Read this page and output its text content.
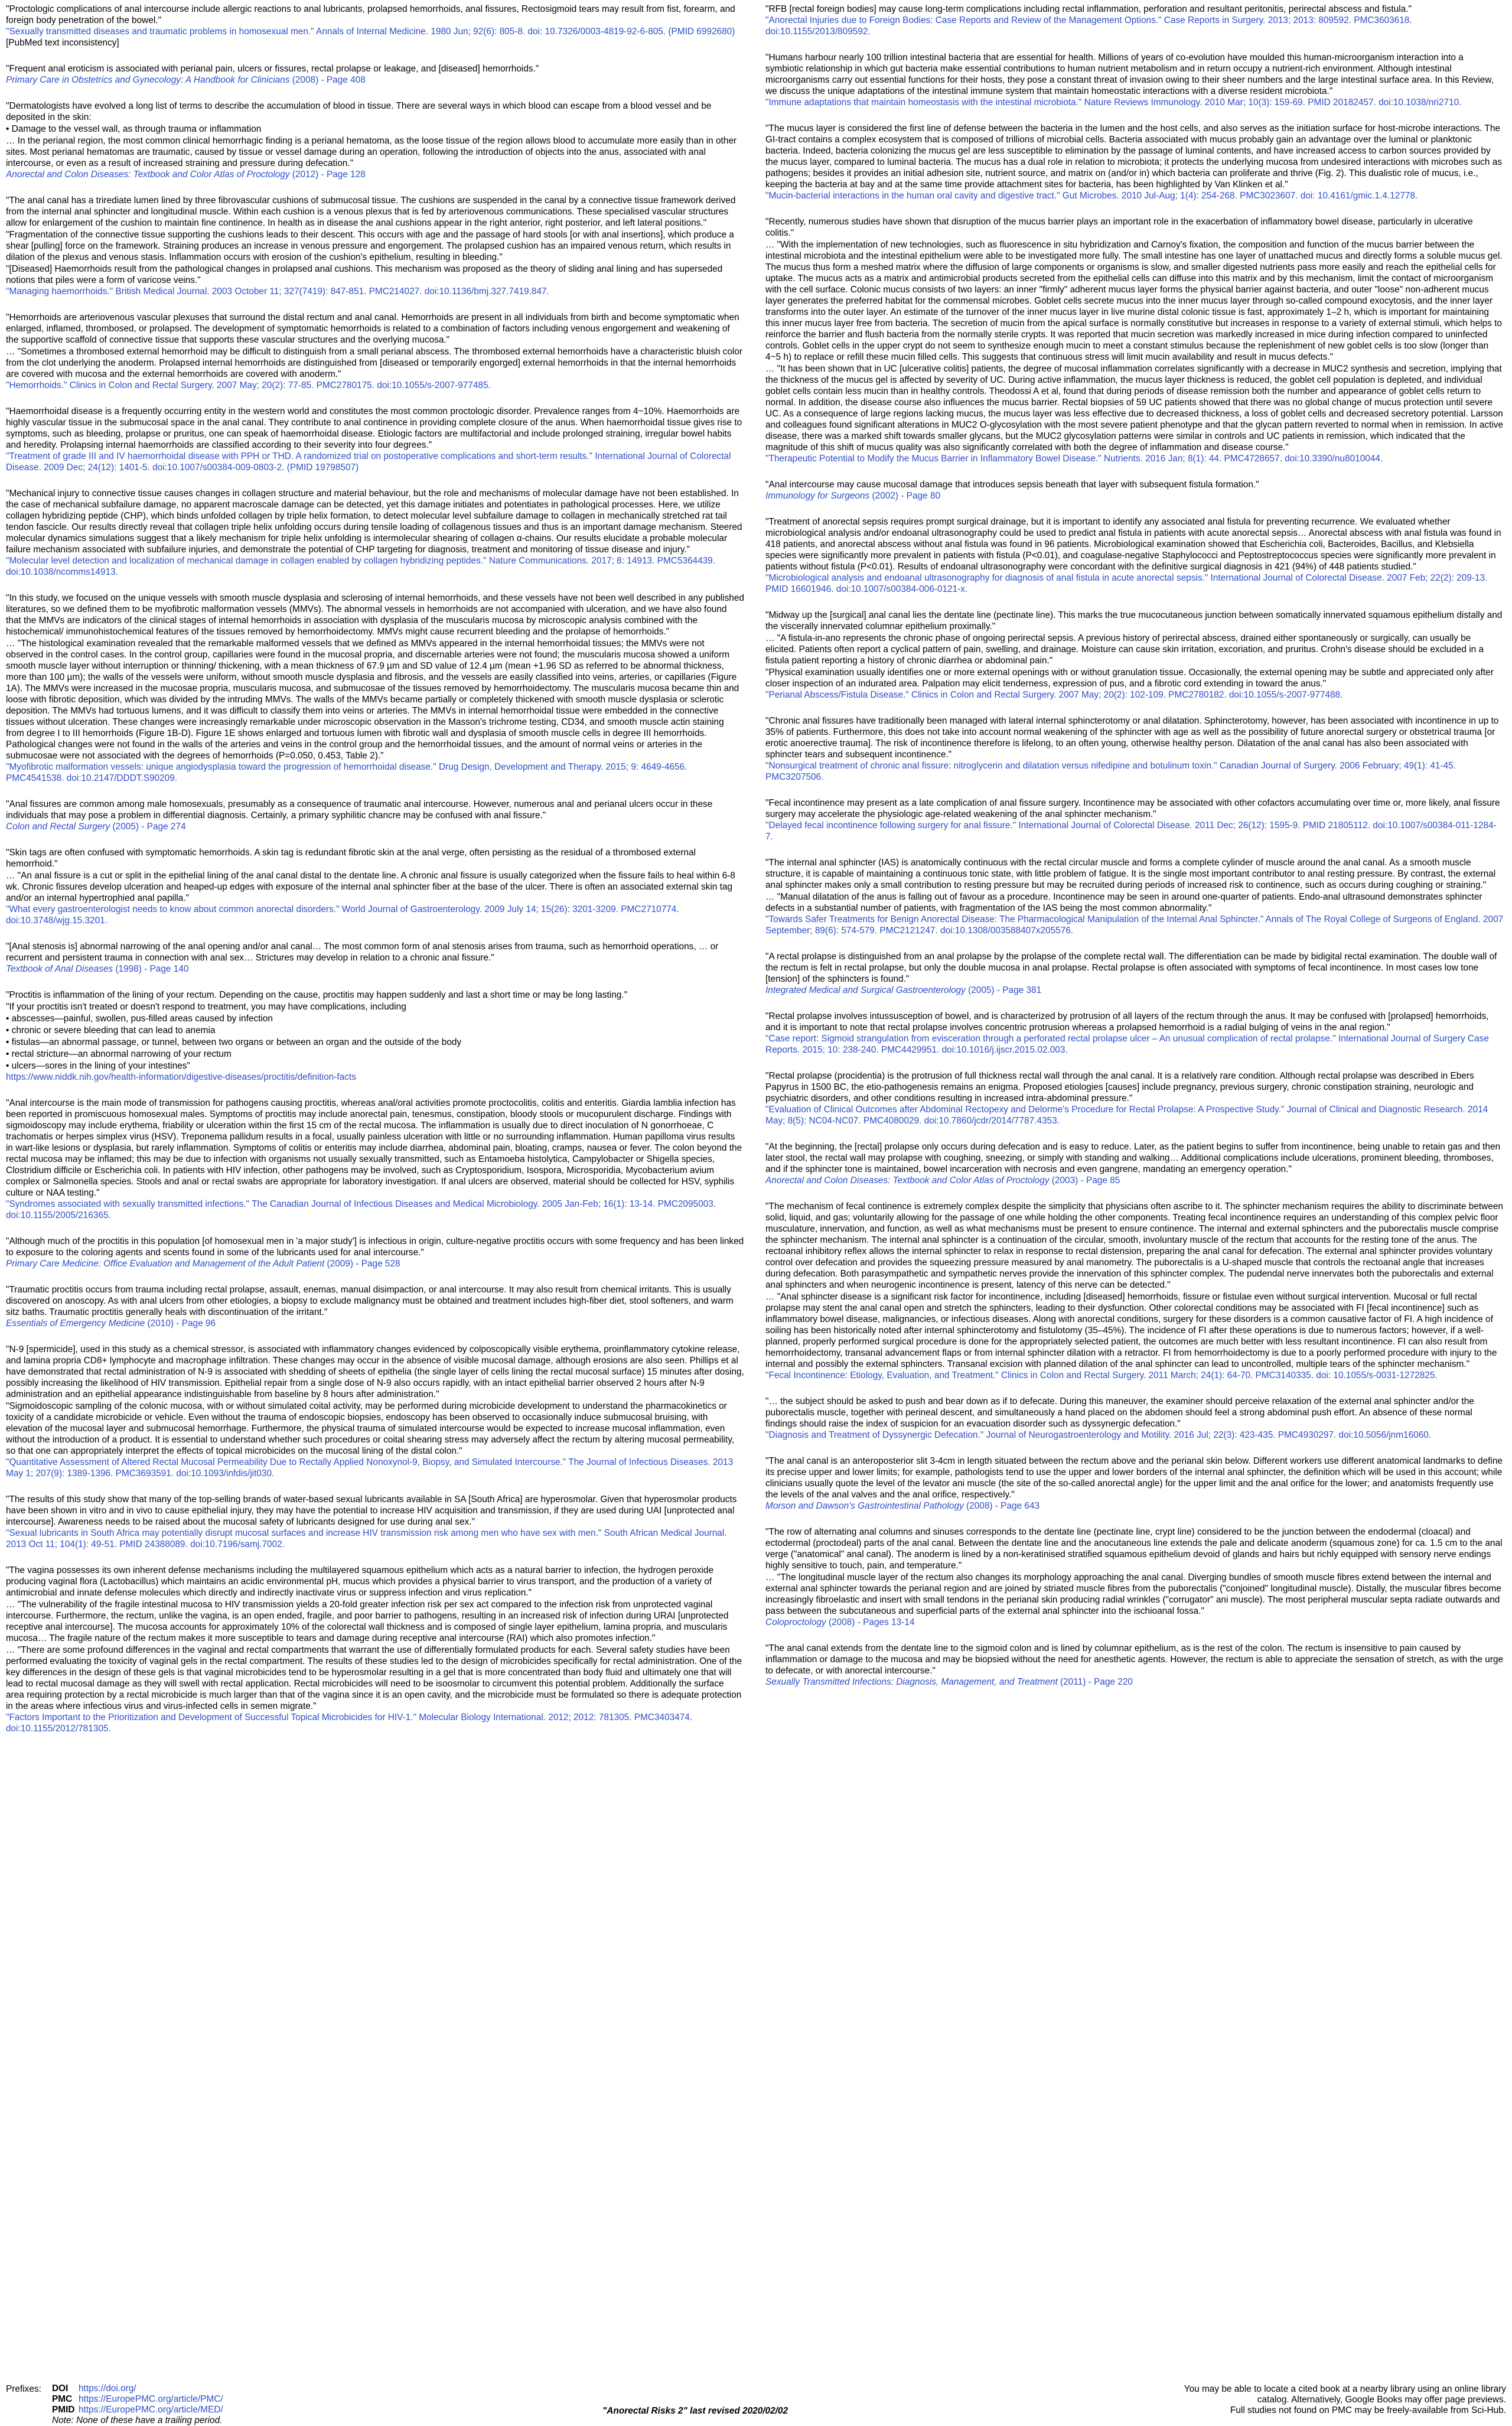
"Proctologic complications of anal intercourse include allergic reactions to anal lubricants, prolapsed hemorrhoids, anal fissures, Rectosigmoid tears may result from fist, forearm, and foreign body penetration of the bowel."
"Sexually transmitted diseases and traumatic problems in homosexual men." Annals of Internal Medicine. 1980 Jun; 92(6): 805-8. doi: 10.7326/0003-4819-92-6-805. (PMID 6992680) [PubMed text inconsistency]
"Frequent anal eroticism is associated with perianal pain, ulcers or fissures, rectal prolapse or leakage, and [diseased] hemorrhoids."
Primary Care in Obstetrics and Gynecology: A Handbook for Clinicians (2008) - Page 408
"Dermatologists have evolved a long list of terms to describe the accumulation of blood in tissue. There are several ways in which blood can escape from a blood vessel and be deposited in the skin:
• Damage to the vessel wall, as through trauma or inflammation
… In the perianal region, the most common clinical hemorrhagic finding is a perianal hematoma, as the loose tissue of the region allows blood to accumulate more easily than in other sites. Most perianal hematomas are traumatic, caused by tissue or vessel damage during an operation, following the introduction of objects into the anus, associated with anal intercourse, or even as a result of increased straining and pressure during defecation."
Anorectal and Colon Diseases: Textbook and Color Atlas of Proctology (2012) - Page 128
"The anal canal has a trirediate lumen lined by three fibrovascular cushions of submucosal tissue. The cushions are suspended in the canal by a connective tissue framework derived from the internal anal sphincter and longitudinal muscle. Within each cushion is a venous plexus that is fed by arteriovenous communications. These specialised vascular structures allow for enlargement of the cushion to maintain fine continence. In health as in disease the anal cushions appear in the right anterior, right posterior, and left lateral positions."
"Fragmentation of the connective tissue supporting the cushions leads to their descent. This occurs with age and the passage of hard stools [or with anal insertions], which produce a shear [pulling] force on the framework. Straining produces an increase in venous pressure and engorgement. The prolapsed cushion has an impaired venous return, which results in dilation of the plexus and venous stasis. Inflammation occurs with erosion of the cushion's epithelium, resulting in bleeding."
"[Diseased] Haemorrhoids result from the pathological changes in prolapsed anal cushions. This mechanism was proposed as the theory of sliding anal lining and has superseded notions that piles were a form of varicose veins."
"Managing haemorrhoids." British Medical Journal. 2003 October 11; 327(7419): 847-851. PMC214027. doi:10.1136/bmj.327.7419.847.
"Hemorrhoids are arteriovenous vascular plexuses that surround the distal rectum and anal canal. Hemorrhoids are present in all individuals from birth and become symptomatic when enlarged, inflamed, thrombosed, or prolapsed. The development of symptomatic hemorrhoids is related to a combination of factors including venous engorgement and weakening of the supportive scaffold of connective tissue that supports these vascular structures and the overlying mucosa."
… "Sometimes a thrombosed external hemorrhoid may be difficult to distinguish from a small perianal abscess. The thrombosed external hemorrhoids have a characteristic bluish color from the clot underlying the anoderm. Prolapsed internal hemorrhoids are distinguished from [diseased or temporarily engorged] external hemorrhoids in that the internal hemorrhoids are covered with mucosa and the external hemorrhoids are covered with anoderm."
"Hemorrhoids." Clinics in Colon and Rectal Surgery. 2007 May; 20(2): 77-85. PMC2780175. doi:10.1055/s-2007-977485.
"Haemorrhoidal disease is a frequently occurring entity in the western world and constitutes the most common proctologic disorder. Prevalence ranges from 4~10%. Haemorrhoids are highly vascular tissue in the submucosal space in the anal canal. They contribute to anal continence in providing complete closure of the anus. When haemorrhoidal tissue gives rise to symptoms, such as bleeding, prolapse or pruritus, one can speak of haemorrhoidal disease. Etiologic factors are multifactorial and include prolonged straining, irregular bowel habits and heredity. Prolapsing internal haemorrhoids are classified according to their severity into four degrees."
"Treatment of grade III and IV haemorrhoidal disease with PPH or THD. A randomized trial on postoperative complications and short-term results." International Journal of Colorectal Disease. 2009 Dec; 24(12): 1401-5. doi:10.1007/s00384-009-0803-2. (PMID 19798507)
"Mechanical injury to connective tissue causes changes in collagen structure and material behaviour, but the role and mechanisms of molecular damage have not been established. In the case of mechanical subfailure damage, no apparent macroscale damage can be detected, yet this damage initiates and potentiates in pathological processes. Here, we utilize collagen hybridizing peptide (CHP), which binds unfolded collagen by triple helix formation, to detect molecular level subfailure damage to collagen in mechanically stretched rat tail tendon fascicle. Our results directly reveal that collagen triple helix unfolding occurs during tensile loading of collagenous tissues and thus is an important damage mechanism. Steered molecular dynamics simulations suggest that a likely mechanism for triple helix unfolding is intermolecular shearing of collagen α-chains. Our results elucidate a probable molecular failure mechanism associated with subfailure injuries, and demonstrate the potential of CHP targeting for diagnosis, treatment and monitoring of tissue disease and injury."
"Molecular level detection and localization of mechanical damage in collagen enabled by collagen hybridizing peptides." Nature Communications. 2017; 8: 14913. PMC5364439. doi:10.1038/ncomms14913.
"In this study, we focused on the unique vessels with smooth muscle dysplasia and sclerosing of internal hemorrhoids, and these vessels have not been well described in any published literatures, so we defined them to be myofibrotic malformation vessels (MMVs). The abnormal vessels in hemorrhoids are not accompanied with ulceration, and we have also found that the MMVs are indicators of the clinical stages of internal hemorrhoids in association with dysplasia of the muscularis mucosa by microscopic analysis combined with the histochemical/ immunohistochemical features of the tissues removed by hemorrhoidectomy. MMVs might cause recurrent bleeding and the prolapse of hemorrhoids."
… "The histological examination revealed that the remarkable malformed vessels that we defined as MMVs appeared in the internal hemorrhoidal tissues; the MMVs were not observed in the control cases. In the control group, capillaries were found in the mucosal propria, and discernable arteries were not found; the muscularis mucosa showed a uniform smooth muscle layer without interruption or thinning/ thickening, with a mean thickness of 67.9 µm and SD value of 12.4 µm (mean +1.96 SD as referred to be abnormal thickness, more than 100 µm); the walls of the vessels were uniform, without smooth muscle dysplasia and fibrosis, and the vessels are easily classified into veins, arteries, or capillaries (Figure 1A). The MMVs were increased in the mucosae propria, muscularis mucosa, and submucosae of the tissues removed by hemorrhoidectomy. The muscularis mucosa became thin and loose with fibrotic deposition, which was divided by the intruding MMVs. The walls of the MMVs became partially or completely thickened with smooth muscle dysplasia or sclerotic deposition. The MMVs had tortuous lumens, and it was difficult to classify them into veins or arteries. The MMVs in internal hemorrhoidal tissue were embedded in the connective tissues without ulceration. These changes were increasingly remarkable under microscopic observation in the Masson's trichrome testing, CD34, and smooth muscle actin staining from degree I to III hemorrhoids (Figure 1B-D). Figure 1E shows enlarged and tortuous lumen with fibrotic wall and dysplasia of smooth muscle cells in degree III hemorrhoids. Pathological changes were not found in the walls of the arteries and veins in the control group and the hemorrhoidal tissues, and the amount of normal veins or arteries in the submucosae were not associated with the degrees of hemorrhoids (P=0.050, 0.453, Table 2)."
"Myofibrotic malformation vessels: unique angiodysplasia toward the progression of hemorrhoidal disease." Drug Design, Development and Therapy. 2015; 9: 4649-4656. PMC4541538. doi:10.2147/DDDT.S90209.
"Anal fissures are common among male homosexuals, presumably as a consequence of traumatic anal intercourse. However, numerous anal and perianal ulcers occur in these individuals that may pose a problem in differential diagnosis. Certainly, a primary syphilitic chancre may be confused with anal fissure."
Colon and Rectal Surgery (2005) - Page 274
"Skin tags are often confused with symptomatic hemorrhoids. A skin tag is redundant fibrotic skin at the anal verge, often persisting as the residual of a thrombosed external hemorrhoid."
… "An anal fissure is a cut or split in the epithelial lining of the anal canal distal to the dentate line. A chronic anal fissure is usually categorized when the fissure fails to heal within 6-8 wk. Chronic fissures develop ulceration and heaped-up edges with exposure of the internal anal sphincter fiber at the base of the ulcer. There is often an associated external skin tag and/or an internal hypertrophied anal papilla."
"What every gastroenterologist needs to know about common anorectal disorders." World Journal of Gastroenterology. 2009 July 14; 15(26): 3201-3209. PMC2710774. doi:10.3748/wjg.15.3201.
"[Anal stenosis is] abnormal narrowing of the anal opening and/or anal canal… The most common form of anal stenosis arises from trauma, such as hemorrhoid operations, … or recurrent and persistent trauma in connection with anal sex… Strictures may develop in relation to a chronic anal fissure."
Textbook of Anal Diseases (1998) - Page 140
"Proctitis is inflammation of the lining of your rectum. Depending on the cause, proctitis may happen suddenly and last a short time or may be long lasting."
"If your proctitis isn't treated or doesn't respond to treatment, you may have complications, including
• abscesses—painful, swollen, pus-filled areas caused by infection
• chronic or severe bleeding that can lead to anemia
• fistulas—an abnormal passage, or tunnel, between two organs or between an organ and the outside of the body
• rectal stricture—an abnormal narrowing of your rectum
• ulcers—sores in the lining of your intestines"
https://www.niddk.nih.gov/health-information/digestive-diseases/proctitis/definition-facts
"Anal intercourse is the main mode of transmission for pathogens causing proctitis, whereas anal/oral activities promote proctocolitis, colitis and enteritis. Giardia lamblia infection has been reported in promiscuous homosexual males. Symptoms of proctitis may include anorectal pain, tenesmus, constipation, bloody stools or mucopurulent discharge. Findings with sigmoidoscopy may include erythema, friability or ulceration within the first 15 cm of the rectal mucosa. The inflammation is usually due to direct inoculation of N gonorrhoeae, C trachomatis or herpes simplex virus (HSV). Treponema pallidum results in a focal, usually painless ulceration with little or no surrounding inflammation. Human papilloma virus results in wart-like lesions or dysplasia, but rarely inflammation. Symptoms of colitis or enteritis may include diarrhea, abdominal pain, bloating, cramps, nausea or fever. The colon beyond the rectal mucosa may be inflamed; this may be due to infection with organisms not usually sexually transmitted, such as Entamoeba histolytica, Campylobacter or Shigella species, Clostridium difficile or Escherichia coli. In patients with HIV infection, other pathogens may be involved, such as Cryptosporidium, Isospora, Microsporidia, Mycobacterium avium complex or Salmonella species. Stools and anal or rectal swabs are appropriate for laboratory investigation. If anal ulcers are observed, material should be collected for HSV, syphilis culture or NAA testing."
"Syndromes associated with sexually transmitted infections." The Canadian Journal of Infectious Diseases and Medical Microbiology. 2005 Jan-Feb; 16(1): 13-14. PMC2095003. doi:10.1155/2005/216365.
"Although much of the proctitis in this population [of homosexual men in 'a major study'] is infectious in origin, culture-negative proctitis occurs with some frequency and has been linked to exposure to the coloring agents and scents found in some of the lubricants used for anal intercourse."
Primary Care Medicine: Office Evaluation and Management of the Adult Patient (2009) - Page 528
"Traumatic proctitis occurs from trauma including rectal prolapse, assault, enemas, manual disimpaction, or anal intercourse. It may also result from chemical irritants. This is usually discovered on anoscopy. As with anal ulcers from other etiologies, a biopsy to exclude malignancy must be obtained and treatment includes high-fiber diet, stool softeners, and warm sitz baths. Traumatic proctitis generally heals with discontinuation of the irritant."
Essentials of Emergency Medicine (2010) - Page 96
"N-9 [spermicide], used in this study as a chemical stressor, is associated with inflammatory changes evidenced by colposcopically visible erythema, proinflammatory cytokine release, and lamina propria CD8+ lymphocyte and macrophage infiltration. These changes may occur in the absence of visible mucosal damage, although erosions are also seen. Phillips et al have demonstrated that rectal administration of N-9 is associated with shedding of sheets of epithelia (the single layer of cells lining the rectal mucosal surface) 15 minutes after dosing, possibly increasing the likelihood of HIV transmission. Epithelial repair from a single dose of N-9 also occurs rapidly, with an intact epithelial barrier observed 2 hours after N-9 administration and an epithelial appearance indistinguishable from baseline by 8 hours after administration."
"Sigmoidoscopic sampling of the colonic mucosa, with or without simulated coital activity, may be performed during microbicide development to understand the pharmacokinetics or toxicity of a candidate microbicide or vehicle. Even without the trauma of endoscopic biopsies, endoscopy has been observed to occasionally induce submucosal bruising, with elevation of the mucosal layer and submucosal hemorrhage. Furthermore, the physical trauma of simulated intercourse would be expected to increase mucosal inflammation, even without the introduction of a product. It is essential to understand whether such procedures or coital shearing stress may adversely affect the rectum by altering mucosal permeability, so that one can appropriately interpret the effects of topical microbicides on the mucosal lining of the distal colon."
"Quantitative Assessment of Altered Rectal Mucosal Permeability Due to Rectally Applied Nonoxynol-9, Biopsy, and Simulated Intercourse." The Journal of Infectious Diseases. 2013 May 1; 207(9): 1389-1396. PMC3693591. doi:10.1093/infdis/jit030.
"The results of this study show that many of the top-selling brands of water-based sexual lubricants available in SA [South Africa] are hyperosmolar. Given that hyperosmolar products have been shown in vitro and in vivo to cause epithelial injury, they may have the potential to increase HIV acquisition and transmission, if they are used during UAI [unprotected anal intercourse]. Awareness needs to be raised about the mucosal safety of lubricants designed for use during anal sex."
"Sexual lubricants in South Africa may potentially disrupt mucosal surfaces and increase HIV transmission risk among men who have sex with men." South African Medical Journal. 2013 Oct 11; 104(1): 49-51. PMID 24388089. doi:10.7196/samj.7002.
"The vagina possesses its own inherent defense mechanisms including the multilayered squamous epithelium which acts as a natural barrier to infection, the hydrogen peroxide producing vaginal flora (Lactobacillus) which maintains an acidic environmental pH, mucus which provides a physical barrier to virus transport, and the production of a variety of antimicrobial and innate defense molecules which directly and indirectly inactivate virus or suppress infection and virus replication."
… "The vulnerability of the fragile intestinal mucosa to HIV transmission yields a 20-fold greater infection risk per sex act compared to the infection risk from unprotected vaginal intercourse. Furthermore, the rectum, unlike the vagina, is an open ended, fragile, and poor barrier to pathogens, resulting in an increased risk of infection during URAI [unprotected receptive anal intercourse]. The mucosa accounts for approximately 10% of the colorectal wall thickness and is composed of single layer epithelium, lamina propria, and muscularis mucosa… The fragile nature of the rectum makes it more susceptible to tears and damage during receptive anal intercourse (RAI) which also promotes infection."
… "There are some profound differences in the vaginal and rectal compartments that warrant the use of differentially formulated products for each. Several safety studies have been performed evaluating the toxicity of vaginal gels in the rectal compartment. The results of these studies led to the design of microbicides specifically for rectal administration. One of the key differences in the design of these gels is that vaginal microbicides tend to be hyperosmolar resulting in a gel that is more concentrated than body fluid and ultimately one that will lead to rectal mucosal damage as they will swell with rectal application. Rectal microbicides will need to be isoosmolar to circumvent this potential problem. Additionally the surface area requiring protection by a rectal microbicide is much larger than that of the vagina since it is an open cavity, and the microbicide must be formulated so there is adequate protection in the areas where infectious virus and virus-infected cells in semen migrate."
"Factors Important to the Prioritization and Development of Successful Topical Microbicides for HIV-1." Molecular Biology International. 2012; 2012: 781305. PMC3403474. doi:10.1155/2012/781305.
"RFB [rectal foreign bodies] may cause long-term complications including rectal inflammation, perforation and resultant peritonitis, perirectal abscess and fistula."
"Anorectal Injuries due to Foreign Bodies: Case Reports and Review of the Management Options." Case Reports in Surgery. 2013; 2013: 809592. PMC3603618. doi:10.1155/2013/809592.
"Humans harbour nearly 100 trillion intestinal bacteria that are essential for health. Millions of years of co-evolution have moulded this human-microorganism interaction into a symbiotic relationship in which gut bacteria make essential contributions to human nutrient metabolism and in return occupy a nutrient-rich environment. Although intestinal microorganisms carry out essential functions for their hosts, they pose a constant threat of invasion owing to their sheer numbers and the large intestinal surface area. In this Review, we discuss the unique adaptations of the intestinal immune system that maintain homeostatic interactions with a diverse resident microbiota."
"Immune adaptations that maintain homeostasis with the intestinal microbiota." Nature Reviews Immunology. 2010 Mar; 10(3): 159-69. PMID 20182457. doi:10.1038/nri2710.
"The mucus layer is considered the first line of defense between the bacteria in the lumen and the host cells, and also serves as the initiation surface for host-microbe interactions. The GI-tract contains a complex ecosystem that is composed of trillions of microbial cells. Bacteria associated with mucus probably gain an advantage over the luminal or planktonic bacteria. Indeed, bacteria colonizing the mucus gel are less susceptible to elimination by the passage of luminal contents, and have increased access to carbon sources provided by the mucus layer, compared to luminal bacteria. The mucus has a dual role in relation to microbiota; it protects the underlying mucosa from undesired interactions with microbes such as pathogens; besides it provides an initial adhesion site, nutrient source, and matrix on (and/or in) which bacteria can proliferate and thrive (Fig. 2). This dualistic role of mucus, i.e., keeping the bacteria at bay and at the same time provide attachment sites for bacteria, has been highlighted by Van Klinken et al."
"Mucin-bacterial interactions in the human oral cavity and digestive tract." Gut Microbes. 2010 Jul-Aug; 1(4): 254-268. PMC3023607. doi: 10.4161/gmic.1.4.12778.
"Recently, numerous studies have shown that disruption of the mucus barrier plays an important role in the exacerbation of inflammatory bowel disease, particularly in ulcerative colitis."
… "With the implementation of new technologies, such as fluorescence in situ hybridization and Carnoy's fixation, the composition and function of the mucus barrier between the intestinal microbiota and the intestinal epithelium were able to be investigated more fully. The small intestine has one layer of unattached mucus and directly forms a soluble mucus gel. The mucus thus form a meshed matrix where the diffusion of large components or organisms is slow, and smaller digested nutrients pass more easily and reach the epithelial cells for uptake. The mucus acts as a matrix and antimicrobial products secreted from the epithelial cells can diffuse into this matrix and by this mechanism, limit the contact of microorganism with the cell surface. Colonic mucus consists of two layers: an inner "firmly" adherent mucus layer forms the physical barrier against bacteria, and outer "loose" non-adherent mucus layer generates the preferred habitat for the commensal microbes. Goblet cells secrete mucus into the inner mucus layer through so-called compound exocytosis, and the inner layer transforms into the outer layer. An estimate of the turnover of the inner mucus layer in live murine distal colonic tissue is fast, approximately 1–2 h, which is important for maintaining this inner mucus layer free from bacteria. The secretion of mucin from the apical surface is normally constitutive but increases in response to a variety of external stimuli, which helps to reinforce the barrier and flush bacteria from the normally sterile crypts. It was reported that mucin secretion was markedly increased in mice during infection compared to uninfected controls. Goblet cells in the upper crypt do not seem to synthesize enough mucin to meet a constant stimulus because the replenishment of new goblet cells is too slow (longer than 4~5 h) to replace or refill these mucin filled cells. This suggests that continuous stress will limit mucin availability and result in mucus defects."
… "It has been shown that in UC [ulcerative colitis] patients, the degree of mucosal inflammation correlates significantly with a decrease in MUC2 synthesis and secretion, implying that the thickness of the mucus gel is affected by severity of UC. During active inflammation, the mucus layer thickness is reduced, the goblet cell population is depleted, and individual goblet cells contain less mucin than in healthy controls. Theodossi A et al, found that during periods of disease remission both the number and appearance of goblet cells return to normal. In addition, the disease course also influences the mucus barrier. Rectal biopsies of 59 UC patients showed that there was no global change of mucus protection until severe UC. As a consequence of large regions lacking mucus, the mucus layer was less effective due to decreased thickness, a loss of goblet cells and decreased secretory potential. Larsson and colleagues found significant alterations in MUC2 O-glycosylation with the most severe patient phenotype and that the glycan pattern reverted to normal when in remission. In active disease, there was a marked shift towards smaller glycans, but the MUC2 glycosylation patterns were similar in controls and UC patients in remission, which indicated that the magnitude of this shift of mucus quality was also significantly correlated with both the degree of inflammation and disease course."
"Therapeutic Potential to Modify the Mucus Barrier in Inflammatory Bowel Disease." Nutrients. 2016 Jan; 8(1): 44. PMC4728657. doi:10.3390/nu8010044.
"Anal intercourse may cause mucosal damage that introduces sepsis beneath that layer with subsequent fistula formation."
Immunology for Surgeons (2002) - Page 80
"Treatment of anorectal sepsis requires prompt surgical drainage, but it is important to identify any associated anal fistula for preventing recurrence. We evaluated whether microbiological analysis and/or endoanal ultrasonography could be used to predict anal fistula in patients with acute anorectal sepsis… Anorectal abscess with anal fistula was found in 418 patients, and anorectal abscess without anal fistula was found in 96 patients. Microbiological examination showed that Escherichia coli, Bacteroides, Bacillus, and Klebsiella species were significantly more prevalent in patients with fistula (P<0.01), and coagulase-negative Staphylococci and Peptostreptococcus species were significantly more prevalent in patients without fistula (P<0.01). Results of endoanal ultrasonography were concordant with the definitive surgical diagnosis in 421 (94%) of 448 patients studied."
"Microbiological analysis and endoanal ultrasonography for diagnosis of anal fistula in acute anorectal sepsis." International Journal of Colorectal Disease. 2007 Feb; 22(2): 209-13. PMID 16601946. doi:10.1007/s00384-006-0121-x.
"Midway up the [surgical] anal canal lies the dentate line (pectinate line). This marks the true mucocutaneous junction between somatically innervated squamous epithelium distally and the viscerally innervated columnar epithelium proximally."
… "A fistula-in-ano represents the chronic phase of ongoing perirectal sepsis. A previous history of perirectal abscess, drained either spontaneously or surgically, can usually be elicited. Patients often report a cyclical pattern of pain, swelling, and drainage. Moisture can cause skin irritation, excoriation, and pruritus. Crohn's disease should be excluded in a fistula patient reporting a history of chronic diarrhea or abdominal pain."
"Physical examination usually identifies one or more external openings with or without granulation tissue. Occasionally, the external opening may be subtle and appreciated only after closer inspection of an indurated area. Palpation may elicit tenderness, expression of pus, and a fibrotic cord extending in toward the anus."
"Perianal Abscess/Fistula Disease." Clinics in Colon and Rectal Surgery. 2007 May; 20(2): 102-109. PMC2780182. doi:10.1055/s-2007-977488.
"Chronic anal fissures have traditionally been managed with lateral internal sphincterotomy or anal dilatation. Sphincterotomy, however, has been associated with incontinence in up to 35% of patients. Furthermore, this does not take into account normal weakening of the sphincter with age as well as the possibility of future anorectal surgery or obstetrical trauma [or erotic anoerective trauma]. The risk of incontinence therefore is lifelong, to an often young, otherwise healthy person. Dilatation of the anal canal has also been associated with sphincter tears and subsequent incontinence."
"Nonsurgical treatment of chronic anal fissure: nitroglycerin and dilatation versus nifedipine and botulinum toxin." Canadian Journal of Surgery. 2006 February; 49(1): 41-45. PMC3207506.
"Fecal incontinence may present as a late complication of anal fissure surgery. Incontinence may be associated with other cofactors accumulating over time or, more likely, anal fissure surgery may accelerate the physiologic age-related weakening of the anal sphincter mechanism."
"Delayed fecal incontinence following surgery for anal fissure." International Journal of Colorectal Disease. 2011 Dec; 26(12): 1595-9. PMID 21805112. doi:10.1007/s00384-011-1284-7.
"The internal anal sphincter (IAS) is anatomically continuous with the rectal circular muscle and forms a complete cylinder of muscle around the anal canal. As a smooth muscle structure, it is capable of maintaining a continuous tonic state, with little problem of fatigue. It is the single most important contributor to anal resting pressure. By contrast, the external anal sphincter makes only a small contribution to resting pressure but may be recruited during periods of increased risk to continence, such as occurs during coughing or straining."
… "Manual dilatation of the anus is falling out of favour as a procedure. Incontinence may be seen in around one-quarter of patients. Endo-anal ultrasound demonstrates sphincter defects in a substantial number of patients, with fragmentation of the IAS being the most common abnormality."
"Towards Safer Treatments for Benign Anorectal Disease: The Pharmacological Manipulation of the Internal Anal Sphincter." Annals of The Royal College of Surgeons of England. 2007 September; 89(6): 574-579. PMC2121247. doi:10.1308/003588407x205576.
"A rectal prolapse is distinguished from an anal prolapse by the prolapse of the complete rectal wall. The differentiation can be made by bidigital rectal examination. The double wall of the rectum is felt in rectal prolapse, but only the double mucosa in anal prolapse. Rectal prolapse is often associated with symptoms of fecal incontinence. In most cases low tone [tension] of the sphincters is found."
Integrated Medical and Surgical Gastroenterology (2005) - Page 381
"Rectal prolapse involves intussusception of bowel, and is characterized by protrusion of all layers of the rectum through the anus. It may be confused with [prolapsed] hemorrhoids, and it is important to note that rectal prolapse involves concentric protrusion whereas a prolapsed hemorrhoid is a radial bulging of veins in the anal region."
"Case report: Sigmoid strangulation from evisceration through a perforated rectal prolapse ulcer – An unusual complication of rectal prolapse." International Journal of Surgery Case Reports. 2015; 10: 238-240. PMC4429951. doi:10.1016/j.ijscr.2015.02.003.
"Rectal prolapse (procidentia) is the protrusion of full thickness rectal wall through the anal canal. It is a relatively rare condition. Although rectal prolapse was described in Ebers Papyrus in 1500 BC, the etio-pathogenesis remains an enigma. Proposed etiologies [causes] include pregnancy, previous surgery, chronic constipation straining, neurologic and psychiatric disorders, and other conditions resulting in increased intra-abdominal pressure."
"Evaluation of Clinical Outcomes after Abdominal Rectopexy and Delorme's Procedure for Rectal Prolapse: A Prospective Study." Journal of Clinical and Diagnostic Research. 2014 May; 8(5): NC04-NC07. PMC4080029. doi:10.7860/jcdr/2014/7787.4353.
"At the beginning, the [rectal] prolapse only occurs during defecation and is easy to reduce. Later, as the patient begins to suffer from incontinence, being unable to retain gas and then later stool, the rectal wall may prolapse with coughing, sneezing, or simply with standing and walking… Additional complications include ulcerations, prominent bleeding, thromboses, and if the sphincter tone is maintained, bowel incarceration with necrosis and even gangrene, mandating an emergency operation."
Anorectal and Colon Diseases: Textbook and Color Atlas of Proctology (2003) - Page 85
"The mechanism of fecal continence is extremely complex despite the simplicity that physicians often ascribe to it. The sphincter mechanism requires the ability to discriminate between solid, liquid, and gas; voluntarily allowing for the passage of one while holding the other components. Treating fecal incontinence requires an understanding of this complex pelvic floor musculature, innervation, and function, as well as what mechanisms must be present to ensure continence. The internal and external sphincters and the puborectalis muscle comprise the sphincter mechanism. The internal anal sphincter is a continuation of the circular, smooth, involuntary muscle of the rectum that accounts for the resting tone of the anus. The rectoanal inhibitory reflex allows the internal sphincter to relax in response to rectal distension, preparing the anal canal for defecation. The external anal sphincter provides voluntary control over defecation and provides the squeezing pressure measured by anal manometry. The puborectalis is a U-shaped muscle that controls the rectoanal angle that increases during defecation. Both parasympathetic and sympathetic nerves provide the innervation of this sphincter complex. The pudendal nerve innervates both the puborectalis and external anal sphincters and when neurogenic incontinence is present, latency of this nerve can be detected."
… "Anal sphincter disease is a significant risk factor for incontinence, including [diseased] hemorrhoids, fissure or fistulae even without surgical intervention. Mucosal or full rectal prolapse may stent the anal canal open and stretch the sphincters, leading to their dysfunction. Other colorectal conditions may be associated with FI [fecal incontinence] such as inflammatory bowel disease, malignancies, or infectious diseases. Along with anorectal conditions, surgery for these disorders is a common causative factor of FI. A high incidence of soiling has been historically noted after internal sphincterotomy and fistulotomy (35–45%). The incidence of FI after these operations is due to numerous factors; however, if a well-planned, properly performed surgical procedure is done for the appropriately selected patient, the outcomes are much better with less resultant incontinence. FI can also result from hemorrhoidectomy, transanal advancement flaps or from internal sphincter dilation with a retractor. FI from hemorrhoidectomy is due to a poorly performed procedure with injury to the internal and possibly the external sphincters. Transanal excision with planned dilation of the anal sphincter can lead to uncontrolled, multiple tears of the sphincter mechanism."
"Fecal Incontinence: Etiology, Evaluation, and Treatment." Clinics in Colon and Rectal Surgery. 2011 March; 24(1): 64-70. PMC3140335. doi: 10.1055/s-0031-1272825.
"… the subject should be asked to push and bear down as if to defecate. During this maneuver, the examiner should perceive relaxation of the external anal sphincter and/or the puborectalis muscle, together with perineal descent, and simultaneously a hand placed on the abdomen should feel a strong abdominal push effort. An absence of these normal findings should raise the index of suspicion for an evacuation disorder such as dyssynergic defecation."
"Diagnosis and Treatment of Dyssynergic Defecation." Journal of Neurogastroenterology and Motility. 2016 Jul; 22(3): 423-435. PMC4930297. doi:10.5056/jnm16060.
"The anal canal is an anteroposterior slit 3-4cm in length situated between the rectum above and the perianal skin below. Different workers use different anatomical landmarks to define its precise upper and lower limits; for example, pathologists tend to use the upper and lower borders of the internal anal sphincter, the definition which will be used in this account; while clinicians usually quote the level of the levator ani muscle (the site of the so-called anorectal angle) for the upper limit and the anal orifice for the lower; and anatomists frequently use the levels of the anal valves and the anal orifice, respectively."
Morson and Dawson's Gastrointestinal Pathology (2008) - Page 643
"The row of alternating anal columns and sinuses corresponds to the dentate line (pectinate line, crypt line) considered to be the junction between the endodermal (cloacal) and ectodermal (proctodeal) parts of the anal canal. Between the dentate line and the anocutaneous line extends the pale and delicate anoderm (squamous zone) for ca. 1.5 cm to the anal verge ("anatomical" anal canal). The anoderm is lined by a non-keratinised stratified squamous epithelium devoid of glands and hairs but richly equipped with sensory nerve endings highly sensitive to touch, pain, and temperature."
… "The longitudinal muscle layer of the rectum also changes its morphology approaching the anal canal. Diverging bundles of smooth muscle fibres extend between the internal and external anal sphincter towards the perianal region and are joined by striated muscle fibres from the puborectalis ("conjoined" longitudinal muscle). Distally, the muscular fibres become increasingly fibroelastic and insert with small tendons in the perianal skin producing radial wrinkles ("corrugator" ani muscle). The most peripheral muscular septa radiate outwards and pass between the subcutaneous and superficial parts of the external anal sphincter into the ischioanal fossa."
Coloproctology (2008) - Pages 13-14
"The anal canal extends from the dentate line to the sigmoid colon and is lined by columnar epithelium, as is the rest of the colon. The rectum is insensitive to pain caused by inflammation or damage to the mucosa and may be biopsied without the need for anesthetic agents. However, the rectum is able to appreciate the sensation of stretch, as with the urge to defecate, or with anorectal intercourse."
Sexually Transmitted Infections: Diagnosis, Management, and Treatment (2011) - Page 220
Prefixes: DOI https://doi.org/
PMC https://EuropePMC.org/article/PMC/
PMID https://EuropePMC.org/article/MED/
Note: None of these have a trailing period.
"Anorectal Risks 2" last revised 2020/02/02
You may be able to locate a cited book at a nearby library using an online library
catalog. Alternatively, Google Books may offer page previews.
Full studies not found on PMC may be freely-available from Sci-Hub.
